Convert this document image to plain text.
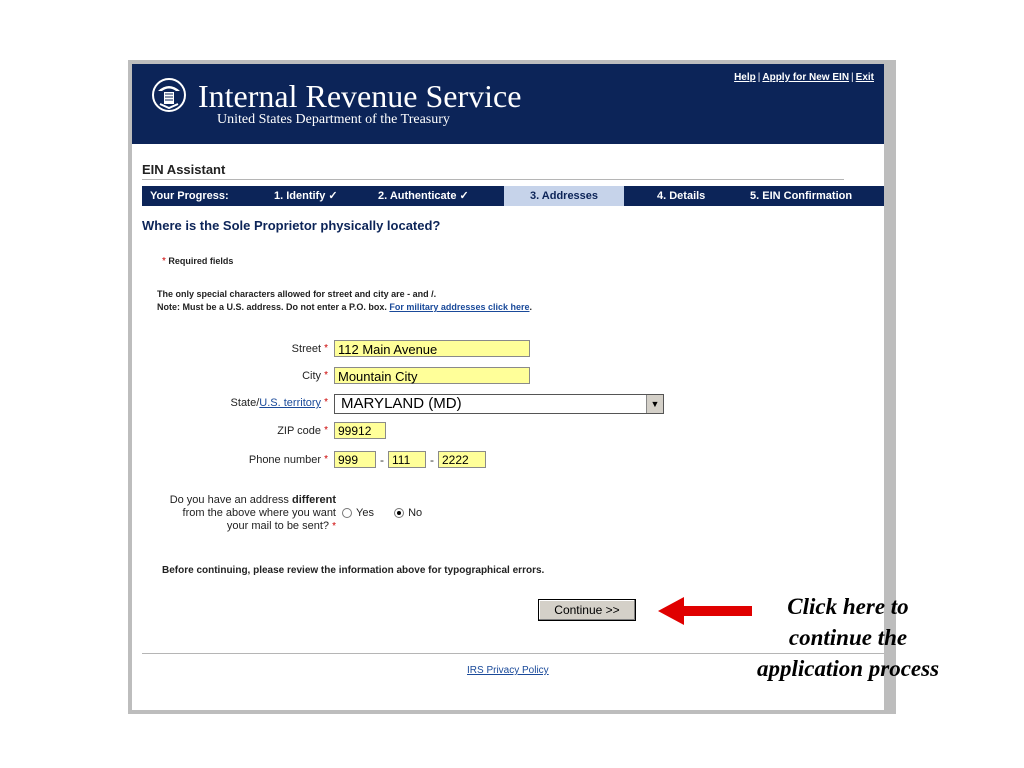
Internal Revenue Service
United States Department of the Treasury
Help | Apply for New EIN | Exit
EIN Assistant
Your Progress:	1. Identify ✓	2. Authenticate ✓	3. Addresses	4. Details	5. EIN Confirmation
Where is the Sole Proprietor physically located?
* Required fields
The only special characters allowed for street and city are - and /.
Note: Must be a U.S. address. Do not enter a P.O. box. For military addresses click here.
Street * 112 Main Avenue
City * Mountain City
State/U.S. territory * MARYLAND (MD)	▼
ZIP code * 99912
Phone number * 999	- 111	- 2222
Do you have an address different
from the above where you want
your mail to be sent? *
Yes	No
Before continuing, please review the information above for typographical errors.
Continue >>
IRS Privacy Policy
Click here to
continue the
application process
